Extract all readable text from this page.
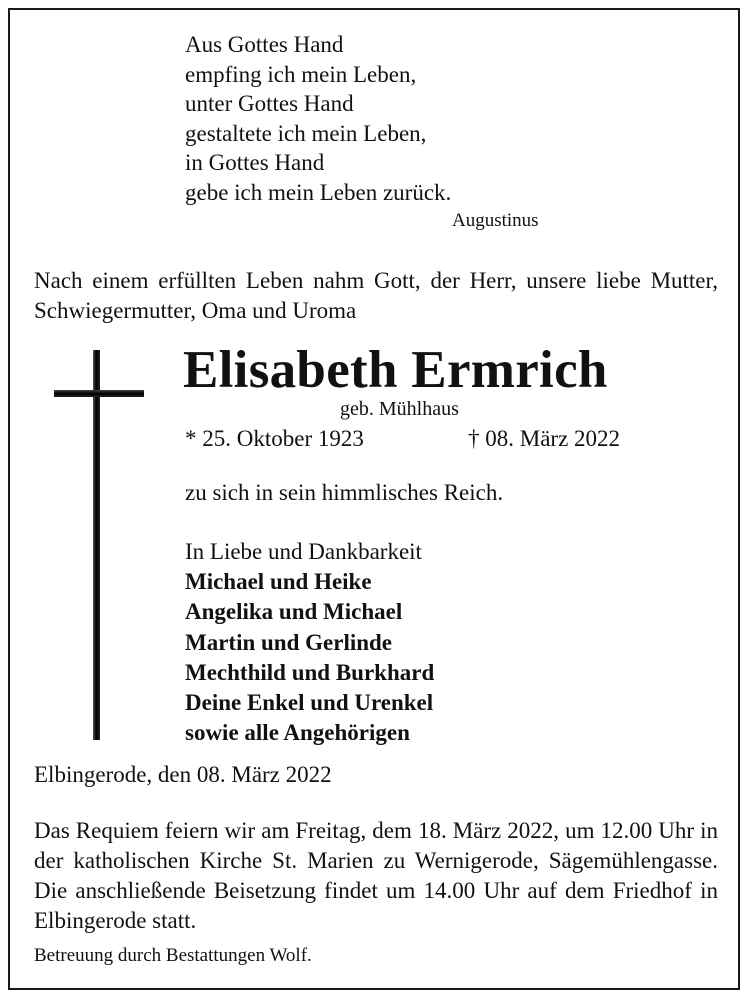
Aus Gottes Hand
empfing ich mein Leben,
unter Gottes Hand
gestaltete ich mein Leben,
in Gottes Hand
gebe ich mein Leben zurück.
Augustinus
Nach einem erfüllten Leben nahm Gott, der Herr, unsere liebe Mutter, Schwiegermutter, Oma und Uroma
Elisabeth Ermrich
geb. Mühlhaus
* 25. Oktober 1923	† 08. März 2022
zu sich in sein himmlisches Reich.
In Liebe und Dankbarkeit
Michael und Heike
Angelika und Michael
Martin und Gerlinde
Mechthild und Burkhard
Deine Enkel und Urenkel
sowie alle Angehörigen
Elbingerode, den 08. März 2022
Das Requiem feiern wir am Freitag, dem 18. März 2022, um 12.00 Uhr in der katholischen Kirche St. Marien zu Wernigerode, Sägemühlengasse. Die anschließende Beisetzung findet um 14.00 Uhr auf dem Friedhof in Elbingerode statt.
Betreuung durch Bestattungen Wolf.
